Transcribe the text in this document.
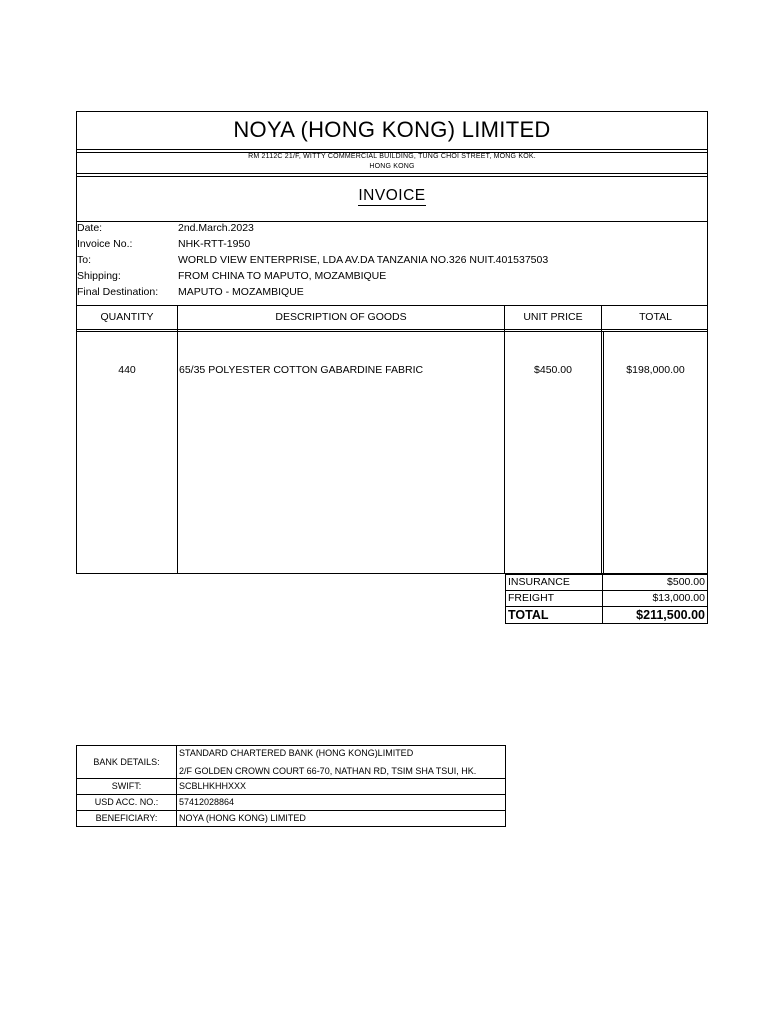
NOYA (HONG KONG) LIMITED
RM 2112C 21/F, WITTY COMMERCIAL BUILDING, TUNG CHOI STREET, MONG KOK.
HONG KONG
INVOICE
Date:	2nd.March.2023
Invoice No.:	NHK-RTT-1950
To:	WORLD VIEW ENTERPRISE, LDA AV.DA TANZANIA NO.326 NUIT.401537503
Shipping:	FROM CHINA TO MAPUTO, MOZAMBIQUE
Final Destination:	MAPUTO - MOZAMBIQUE
QUANTITY	DESCRIPTION OF GOODS	UNIT PRICE	TOTAL
440	65/35 POLYESTER COTTON GABARDINE FABRIC	$450.00	$198,000.00
INSURANCE	$500.00
FREIGHT	$13,000.00
TOTAL	$211,500.00
BANK DETAILS:
STANDARD CHARTERED BANK (HONG KONG)LIMITED
2/F GOLDEN CROWN COURT 66-70, NATHAN RD, TSIM SHA TSUI, HK.
SWIFT:	SCBLHKHHXXX
USD ACC. NO.:	57412028864
BENEFICIARY:	NOYA (HONG KONG) LIMITED
